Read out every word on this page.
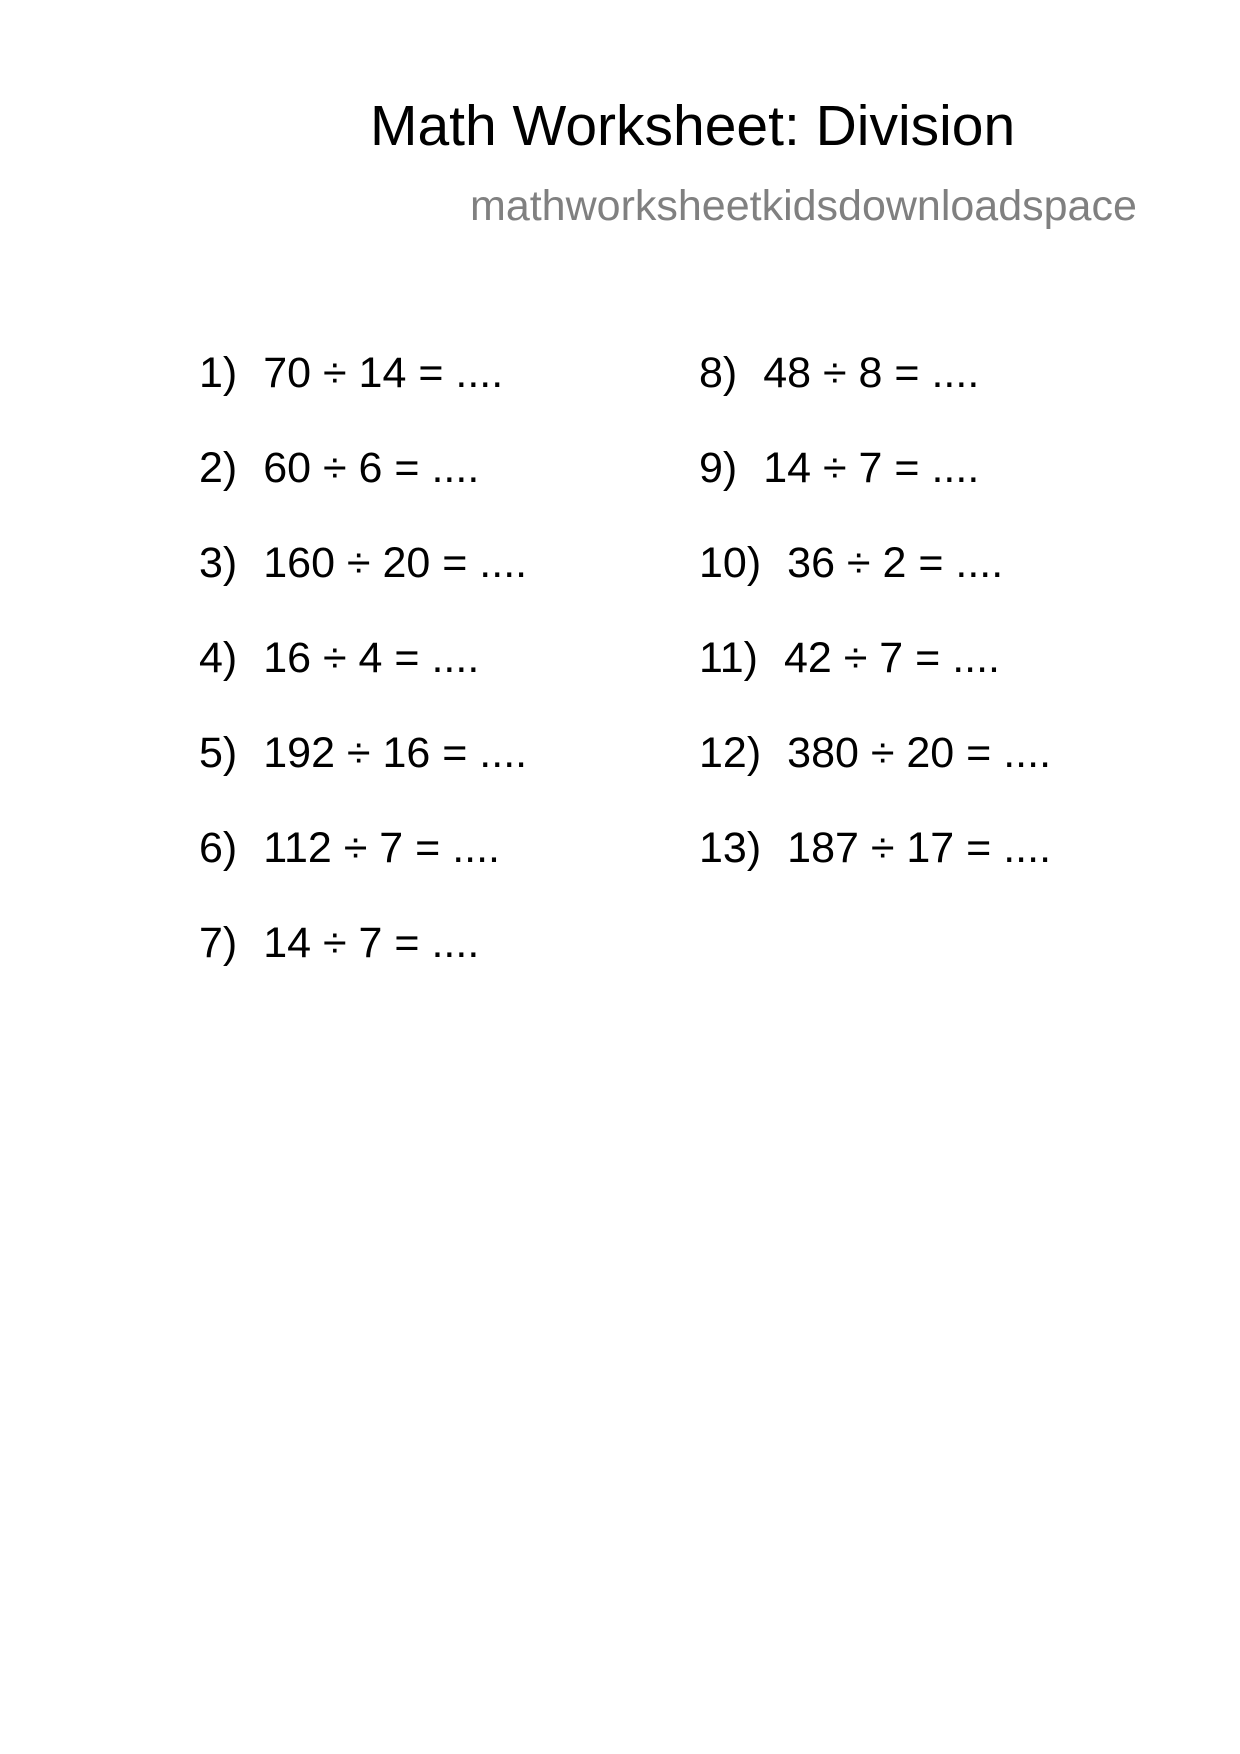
Math Worksheet: Division
mathworksheetkidsdownloadspace
1) 70 ÷ 14 = ....
2) 60 ÷ 6 = ....
3) 160 ÷ 20 = ....
4) 16 ÷ 4 = ....
5) 192 ÷ 16 = ....
6) 112 ÷ 7 = ....
7) 14 ÷ 7 = ....
8) 48 ÷ 8 = ....
9) 14 ÷ 7 = ....
10) 36 ÷ 2 = ....
11) 42 ÷ 7 = ....
12) 380 ÷ 20 = ....
13) 187 ÷ 17 = ....
